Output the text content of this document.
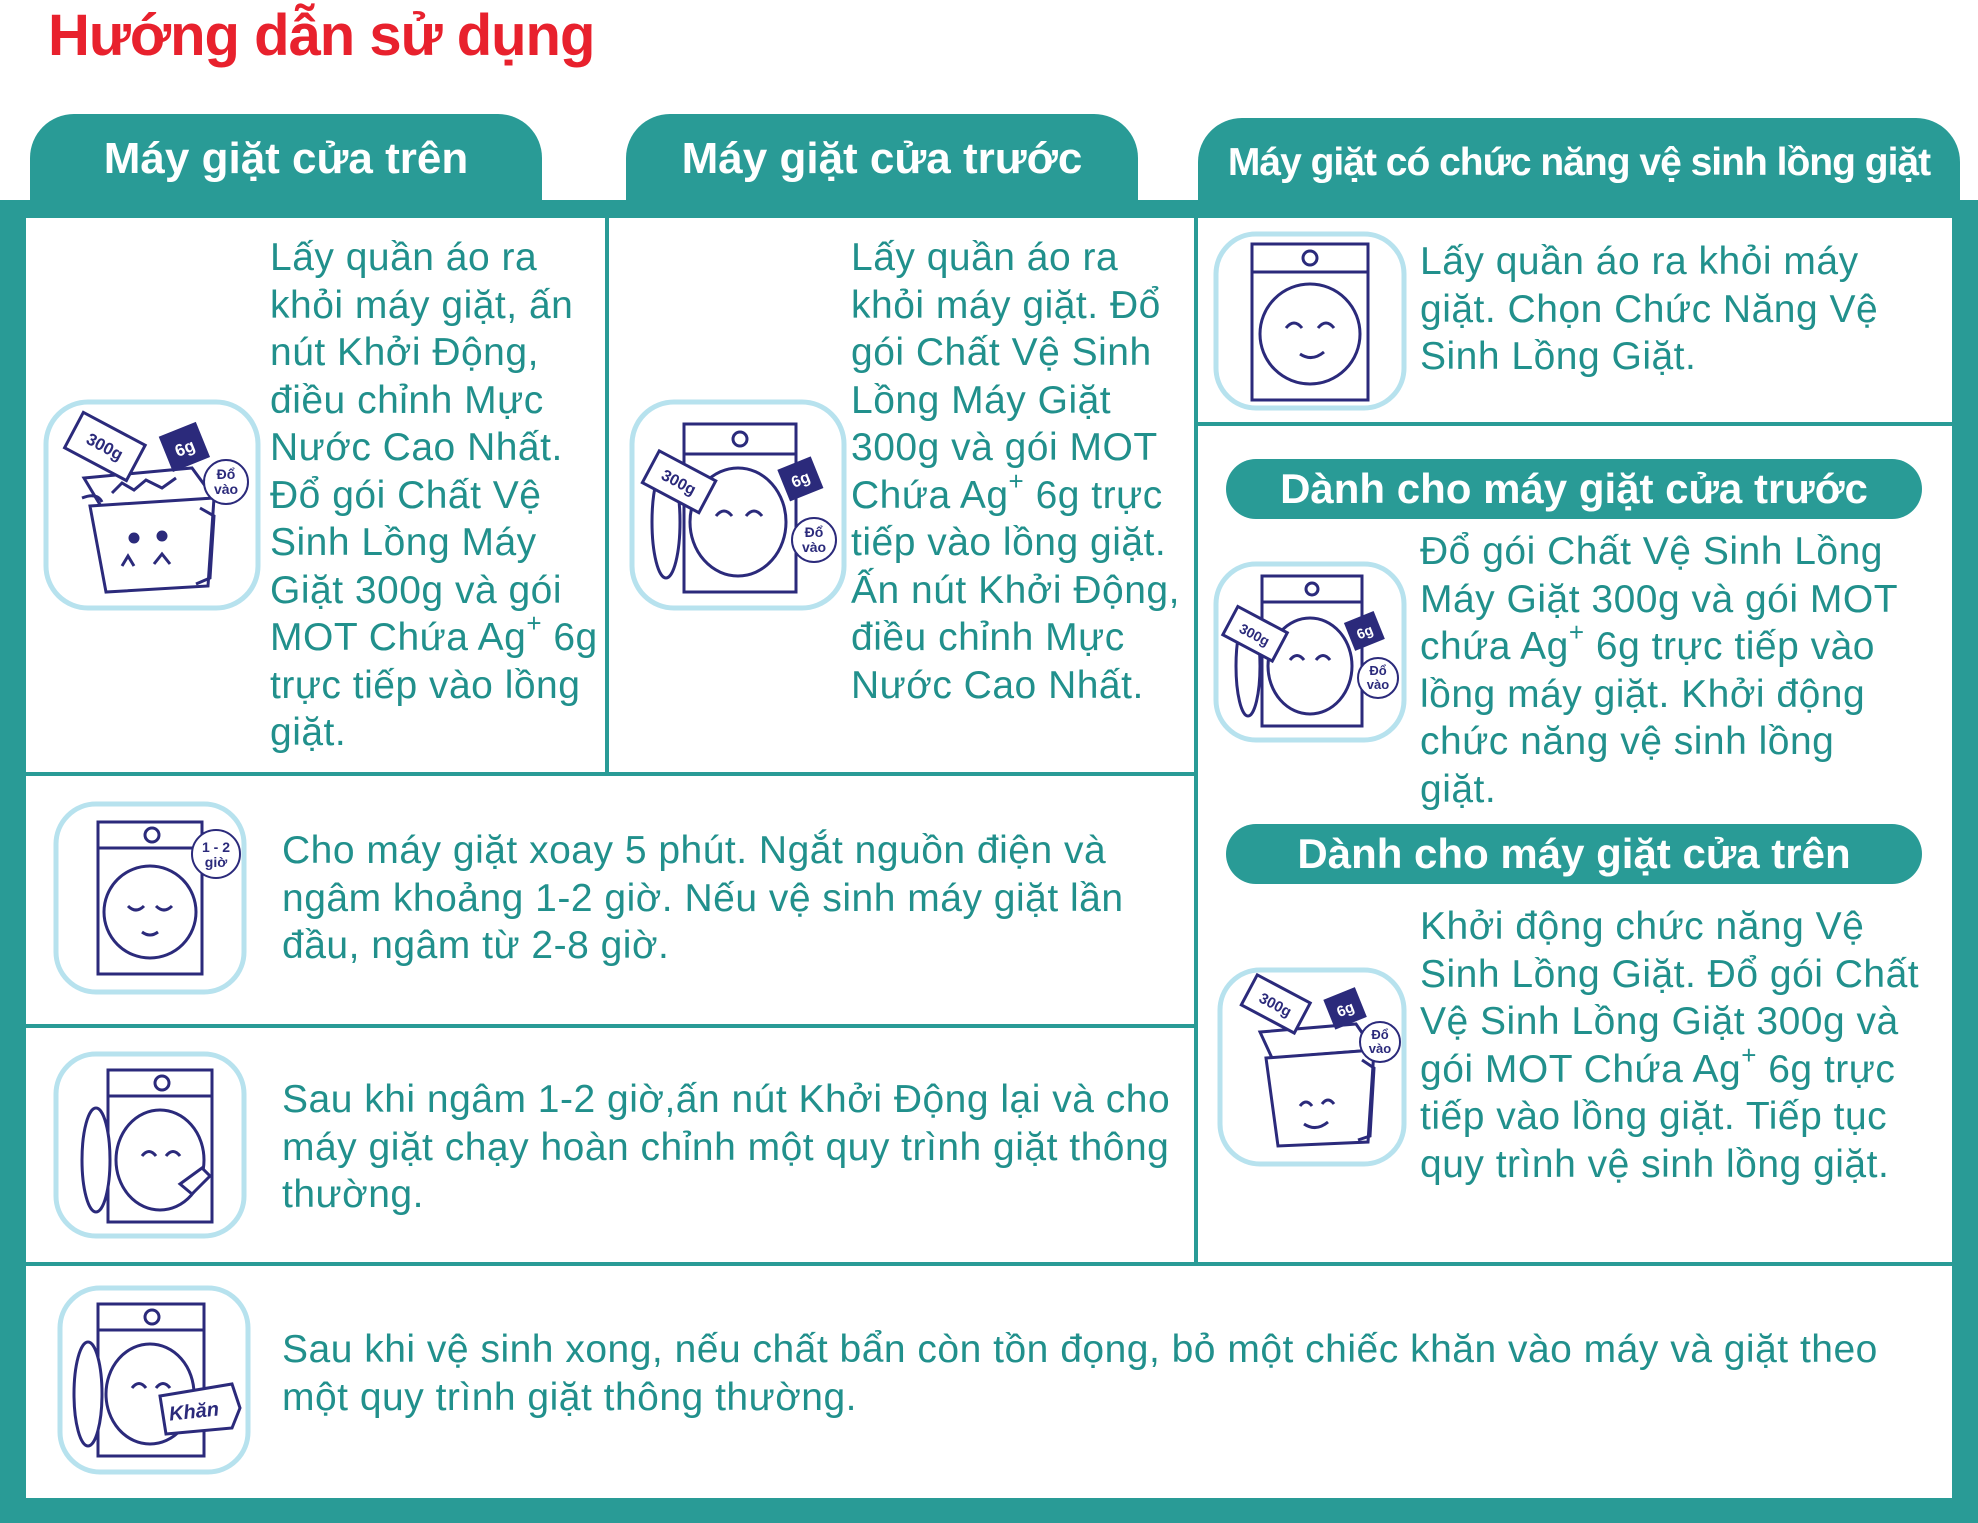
Hướng dẫn sử dụng
Máy giặt cửa trên	Máy giặt cửa trước	Máy giặt có chức năng vệ sinh lồng giặt
300g	6g
Đổ
vào	300g	6g
Đổ
vào
300g	6g
Đổ
vào
300g	6g
Đổ
vào
1 - 2
giờ
Khăn
Lấy quần áo ra khỏi máy giặt, ấn nút Khởi Động, điều chỉnh Mực Nước Cao Nhất. Đổ gói Chất Vệ Sinh Lồng Máy Giặt 300g và gói MOT Chứa Ag+ 6g trực tiếp vào lồng giặt.
Lấy quần áo ra khỏi máy giặt. Đổ gói Chất Vệ Sinh Lồng Máy Giặt 300g và gói MOT Chứa Ag+ 6g trực tiếp vào lồng giặt. Ấn nút Khởi Động, điều chỉnh Mực Nước Cao Nhất.
Lấy quần áo ra khỏi máy giặt. Chọn Chức Năng Vệ Sinh Lồng Giặt.
Dành cho máy giặt cửa trước
Đổ gói Chất Vệ Sinh Lồng Máy Giặt 300g và gói MOT chứa Ag+ 6g trực tiếp vào lồng máy giặt. Khởi động chức năng vệ sinh lồng giặt.
Dành cho máy giặt cửa trên
Khởi động chức năng Vệ Sinh Lồng Giặt. Đổ gói Chất Vệ Sinh Lồng Giặt 300g và gói MOT Chứa Ag+ 6g trực tiếp vào lồng giặt. Tiếp tục quy trình vệ sinh lồng giặt.
Cho máy giặt xoay 5 phút. Ngắt nguồn điện và ngâm khoảng 1-2 giờ. Nếu vệ sinh máy giặt lần đầu, ngâm từ 2-8 giờ.
Sau khi ngâm 1-2 giờ,ấn nút Khởi Động lại và cho máy giặt chạy hoàn chỉnh một quy trình giặt thông thường.
Sau khi vệ sinh xong, nếu chất bẩn còn tồn đọng, bỏ một chiếc khăn vào máy và giặt theo một quy trình giặt thông thường.
